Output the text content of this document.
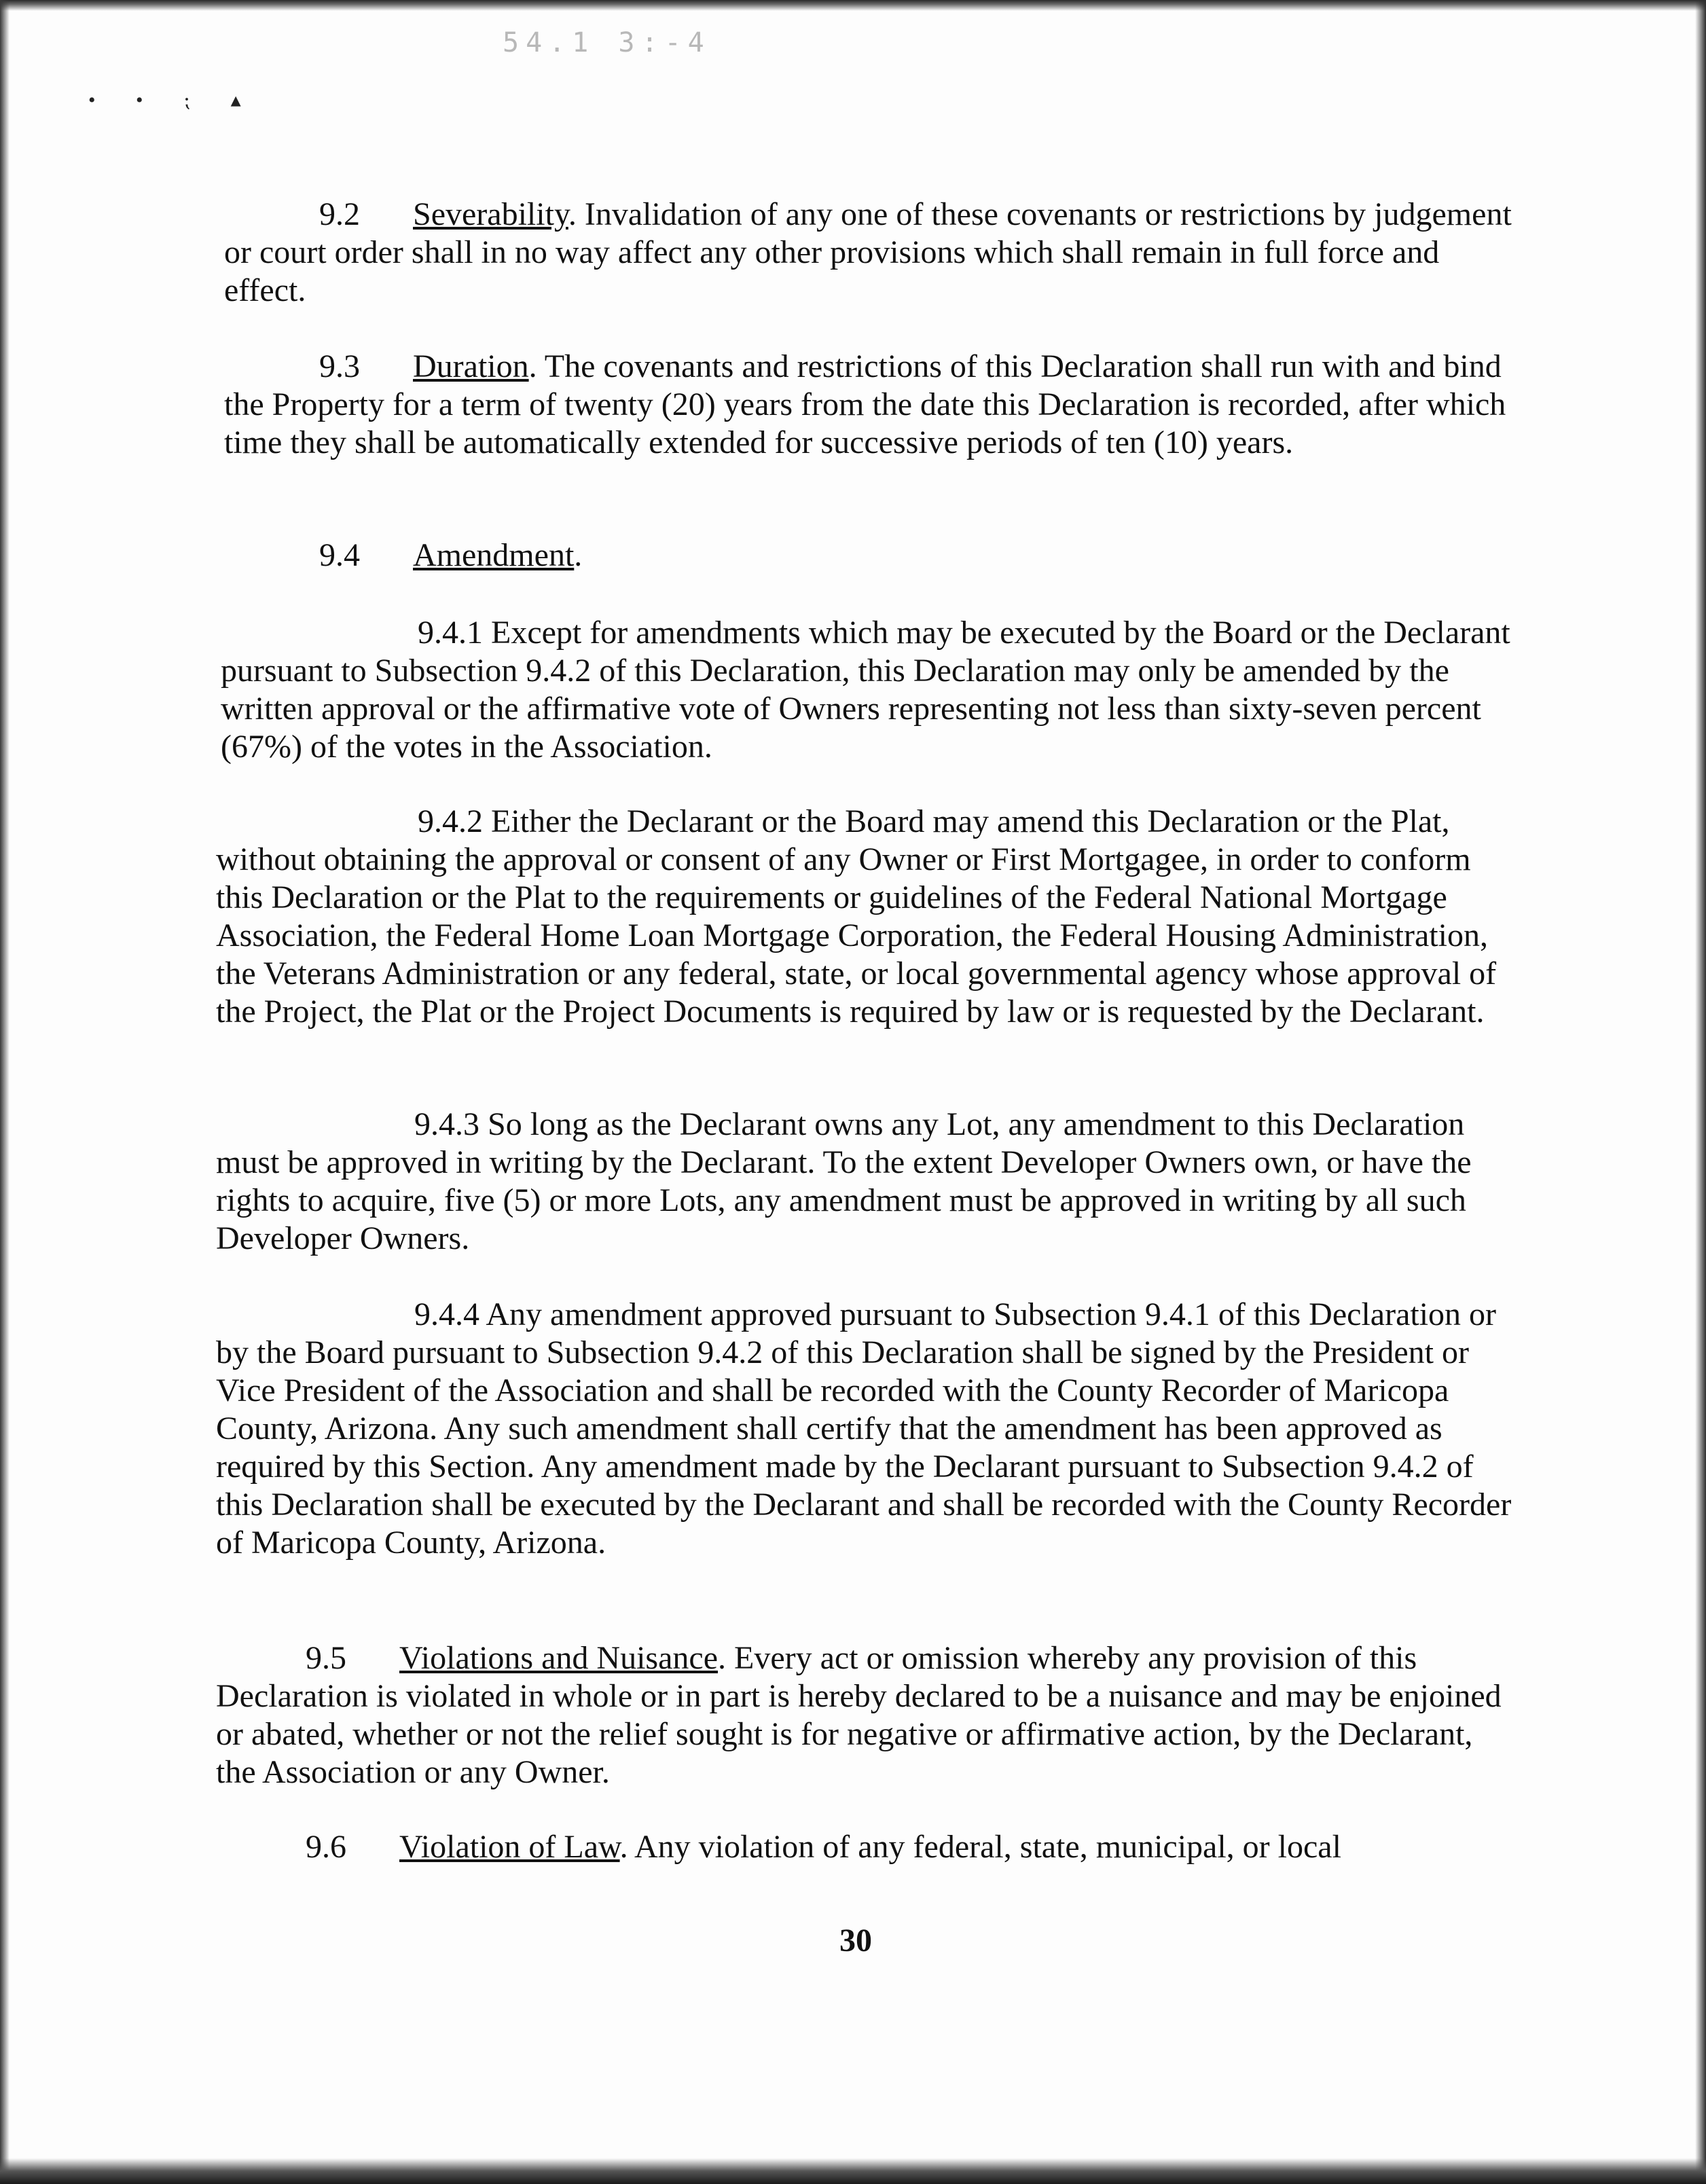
54.1 3:-4
• • ⁏ ▴

9.2 Severability. Invalidation of any one of these covenants or restrictions by judgement or court order shall in no way affect any other provisions which shall remain in full force and effect.

9.3 Duration. The covenants and restrictions of this Declaration shall run with and bind the Property for a term of twenty (20) years from the date this Declaration is recorded, after which time they shall be automatically extended for successive periods of ten (10) years.

9.4 Amendment.

9.4.1 Except for amendments which may be executed by the Board or the Declarant pursuant to Subsection 9.4.2 of this Declaration, this Declaration may only be amended by the written approval or the affirmative vote of Owners representing not less than sixty-seven percent (67%) of the votes in the Association.

9.4.2 Either the Declarant or the Board may amend this Declaration or the Plat, without obtaining the approval or consent of any Owner or First Mortgagee, in order to conform this Declaration or the Plat to the requirements or guidelines of the Federal National Mortgage Association, the Federal Home Loan Mortgage Corporation, the Federal Housing Administration, the Veterans Administration or any federal, state, or local governmental agency whose approval of the Project, the Plat or the Project Documents is required by law or is requested by the Declarant.

9.4.3 So long as the Declarant owns any Lot, any amendment to this Declaration must be approved in writing by the Declarant. To the extent Developer Owners own, or have the rights to acquire, five (5) or more Lots, any amendment must be approved in writing by all such Developer Owners.

9.4.4 Any amendment approved pursuant to Subsection 9.4.1 of this Declaration or by the Board pursuant to Subsection 9.4.2 of this Declaration shall be signed by the President or Vice President of the Association and shall be recorded with the County Recorder of Maricopa County, Arizona. Any such amendment shall certify that the amendment has been approved as required by this Section. Any amendment made by the Declarant pursuant to Subsection 9.4.2 of this Declaration shall be executed by the Declarant and shall be recorded with the County Recorder of Maricopa County, Arizona.

9.5 Violations and Nuisance. Every act or omission whereby any provision of this Declaration is violated in whole or in part is hereby declared to be a nuisance and may be enjoined or abated, whether or not the relief sought is for negative or affirmative action, by the Declarant, the Association or any Owner.

9.6 Violation of Law. Any violation of any federal, state, municipal, or local

30
